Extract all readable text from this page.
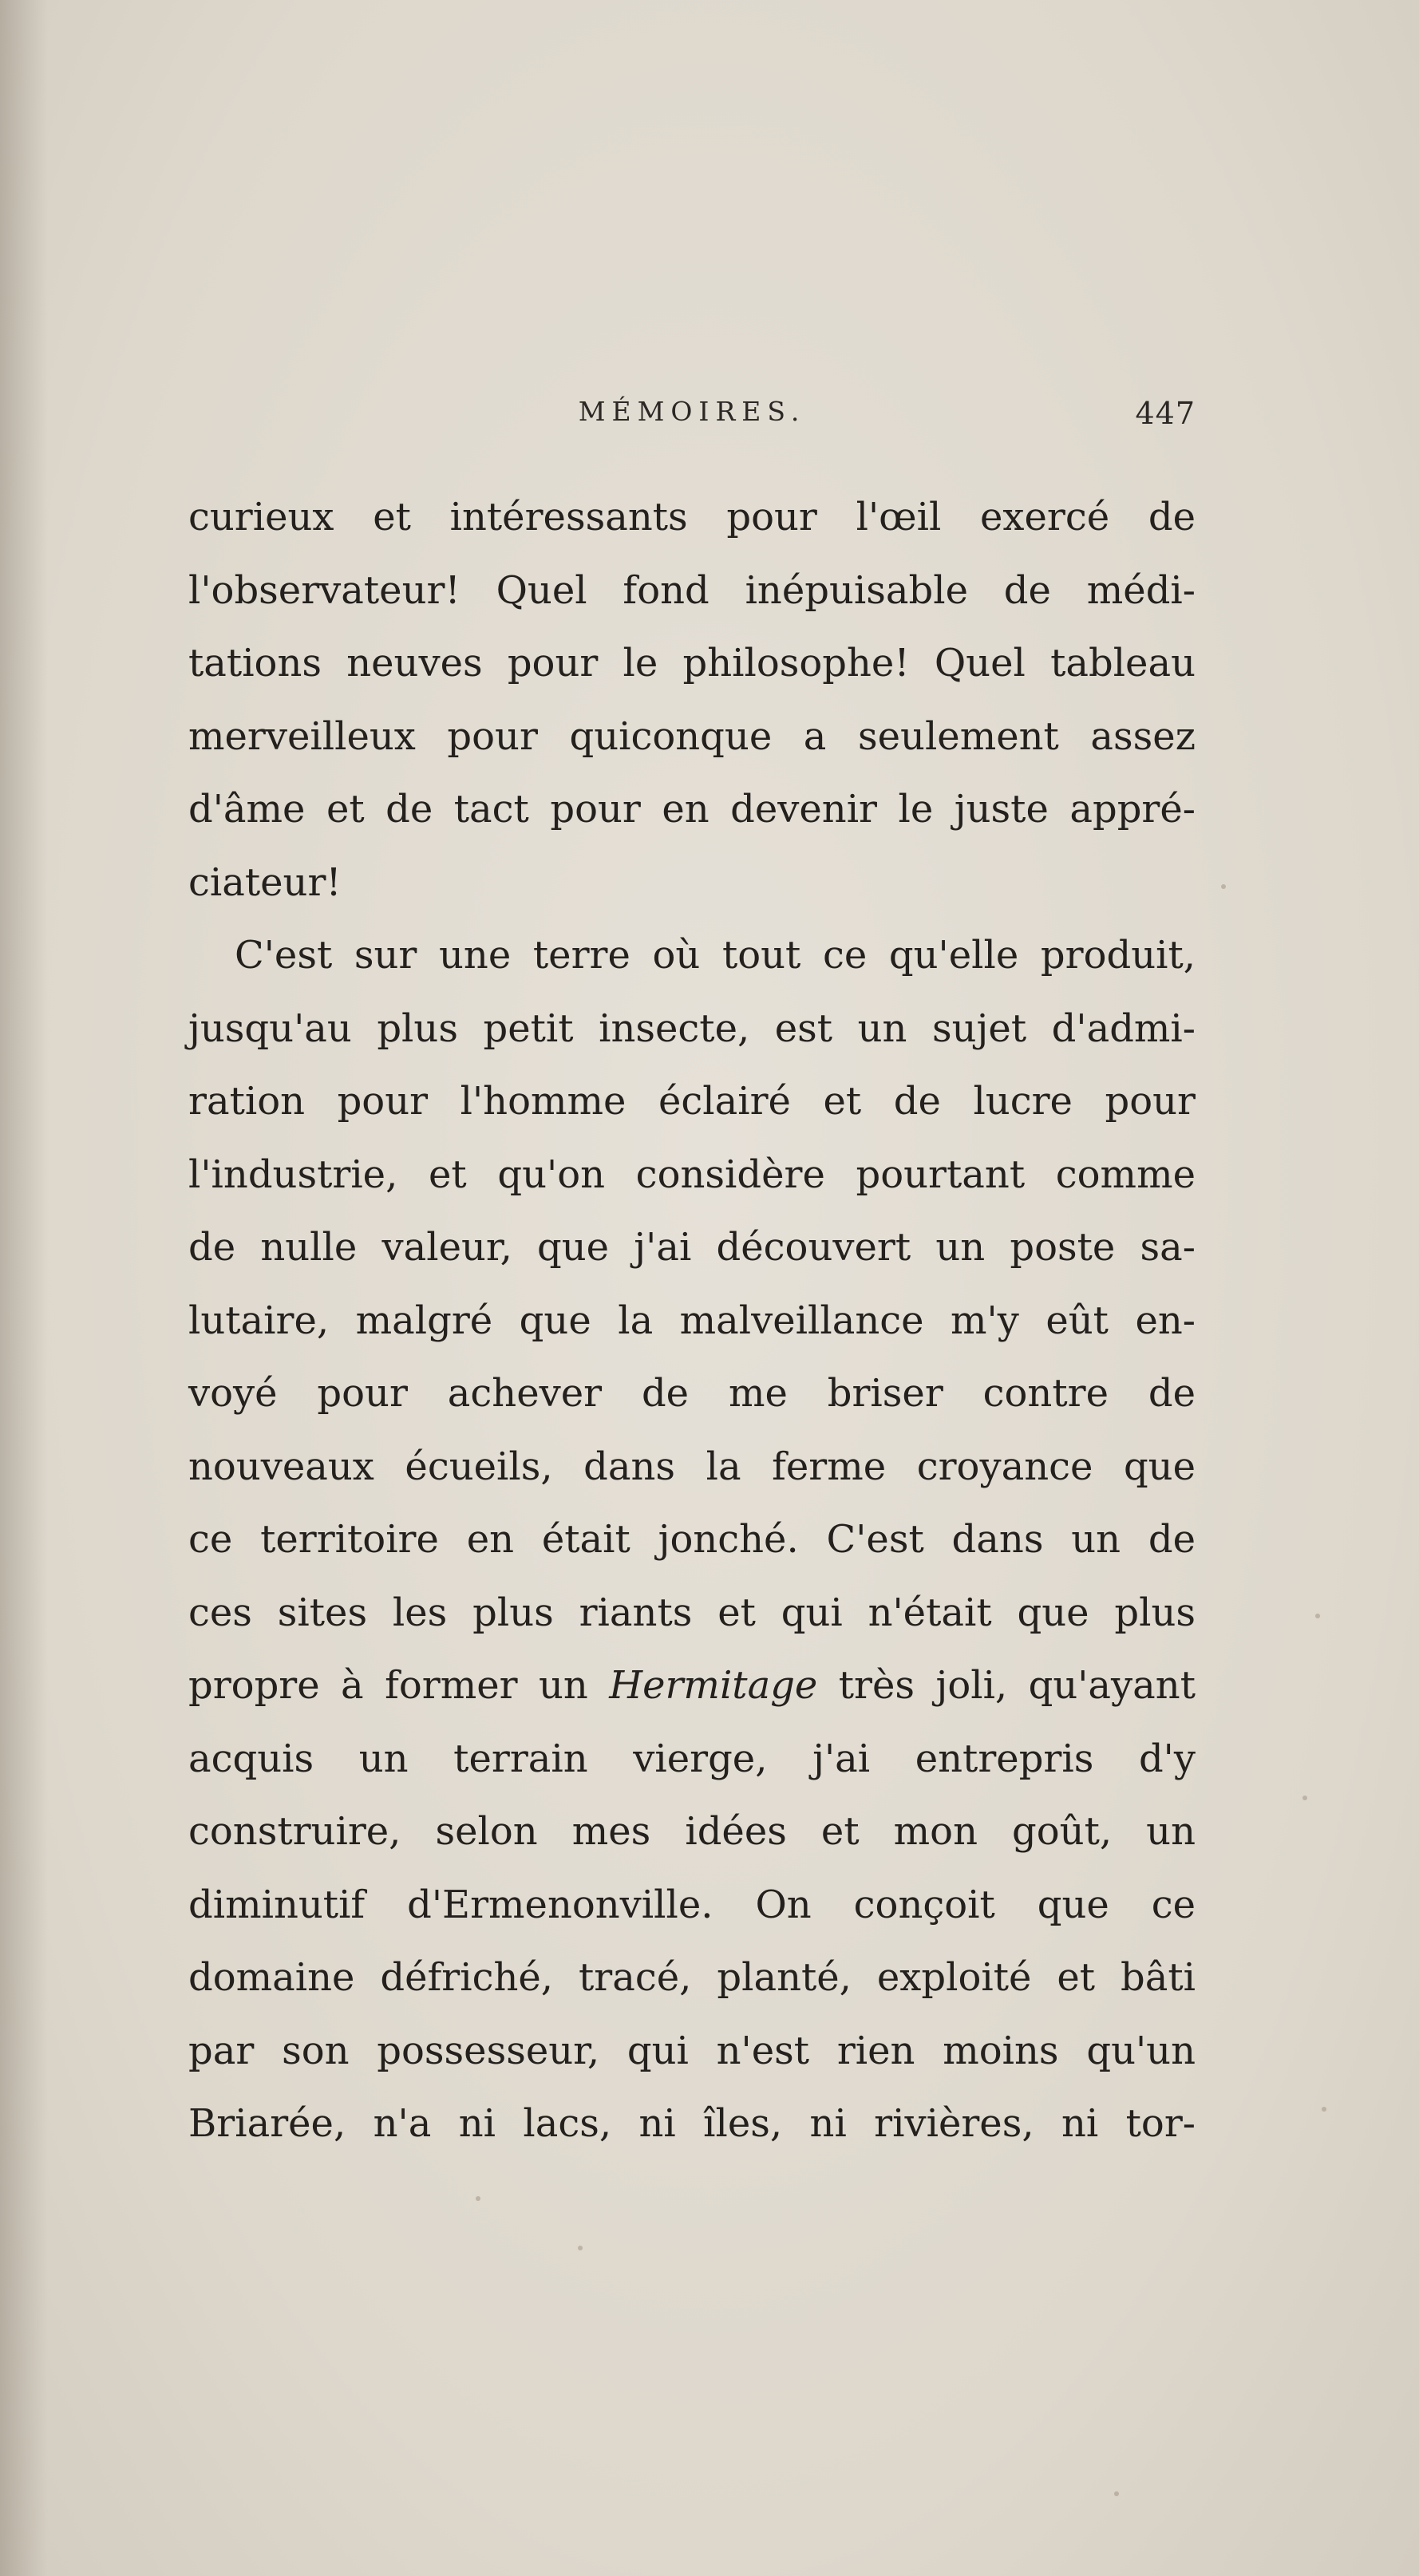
MÉMOIRES.	447
curieux et intéressants pour l'œil exercé de
l'observateur! Quel fond inépuisable de médi-
tations neuves pour le philosophe! Quel tableau
merveilleux pour quiconque a seulement assez
d'âme et de tact pour en devenir le juste appré-
ciateur!
C'est sur une terre où tout ce qu'elle produit,
jusqu'au plus petit insecte, est un sujet d'admi-
ration pour l'homme éclairé et de lucre pour
l'industrie, et qu'on considère pourtant comme
de nulle valeur, que j'ai découvert un poste sa-
lutaire, malgré que la malveillance m'y eût en-
voyé pour achever de me briser contre de
nouveaux écueils, dans la ferme croyance que
ce territoire en était jonché. C'est dans un de
ces sites les plus riants et qui n'était que plus
propre à former un Hermitage très joli, qu'ayant
acquis un terrain vierge, j'ai entrepris d'y
construire, selon mes idées et mon goût, un
diminutif d'Ermenonville. On conçoit que ce
domaine défriché, tracé, planté, exploité et bâti
par son possesseur, qui n'est rien moins qu'un
Briarée, n'a ni lacs, ni îles, ni rivières, ni tor-
